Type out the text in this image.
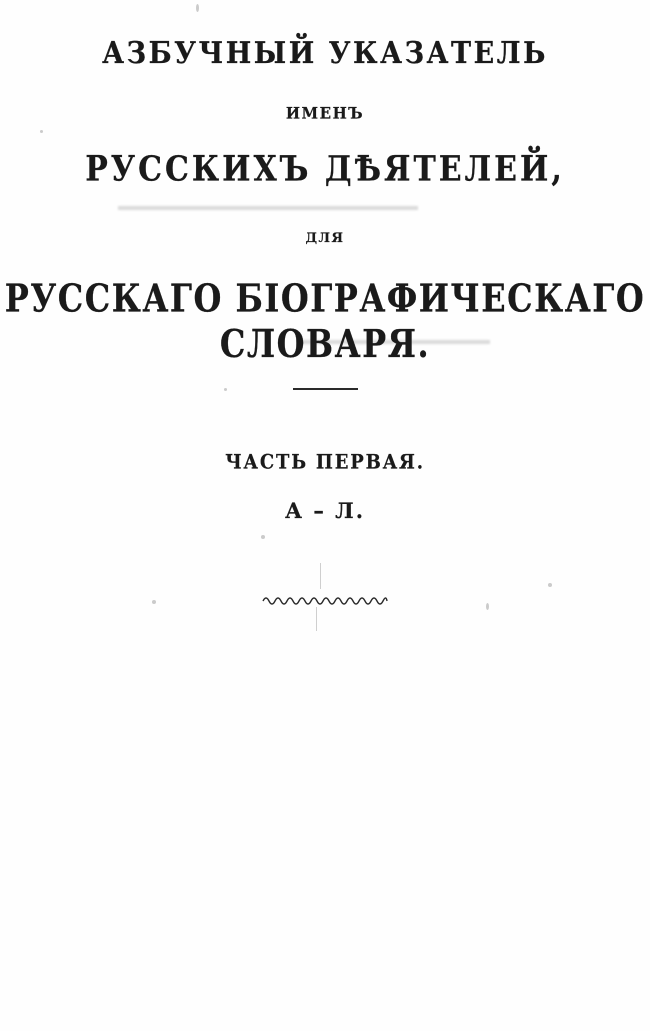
АЗБУЧНЫЙ УКАЗАТЕЛЬ
ИМЕНЪ
РУССКИХЪ ДѢЯТЕЛЕЙ,
ДЛЯ
РУССКАГО БІОГРАФИЧЕСКАГО СЛОВАРЯ.
ЧАСТЬ ПЕРВАЯ.
А – Л.
